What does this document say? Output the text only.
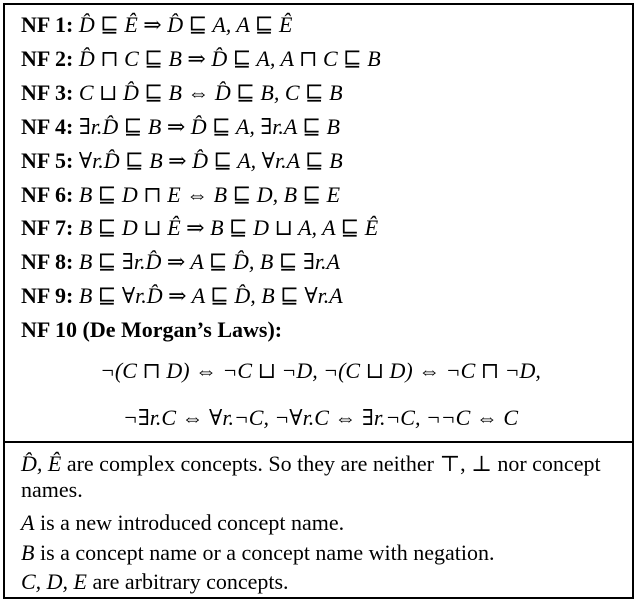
NF 1: D̂ ⊑ Ê ⇒ D̂ ⊑ A, A ⊑ Ê
NF 2: D̂ ⊓ C ⊑ B ⇒ D̂ ⊑ A, A ⊓ C ⊑ B
NF 3: C ⊔ D̂ ⊑ B ⇔ D̂ ⊑ B, C ⊑ B
NF 4: ∃r.D̂ ⊑ B ⇒ D̂ ⊑ A, ∃r.A ⊑ B
NF 5: ∀r.D̂ ⊑ B ⇒ D̂ ⊑ A, ∀r.A ⊑ B
NF 6: B ⊑ D ⊓ E ⇔ B ⊑ D, B ⊑ E
NF 7: B ⊑ D ⊔ Ê ⇒ B ⊑ D ⊔ A, A ⊑ Ê
NF 8: B ⊑ ∃r.D̂ ⇒ A ⊑ D̂, B ⊑ ∃r.A
NF 9: B ⊑ ∀r.D̂ ⇒ A ⊑ D̂, B ⊑ ∀r.A
NF 10 (De Morgan’s Laws):
¬(C ⊓ D) ⇔ ¬C ⊔ ¬D, ¬(C ⊔ D) ⇔ ¬C ⊓ ¬D,
¬∃r.C ⇔ ∀r.¬C, ¬∀r.C ⇔ ∃r.¬C, ¬¬C ⇔ C
D̂, Ê are complex concepts. So they are neither ⊤, ⊥ nor concept names.
A is a new introduced concept name.
B is a concept name or a concept name with negation.
C, D, E are arbitrary concepts.
